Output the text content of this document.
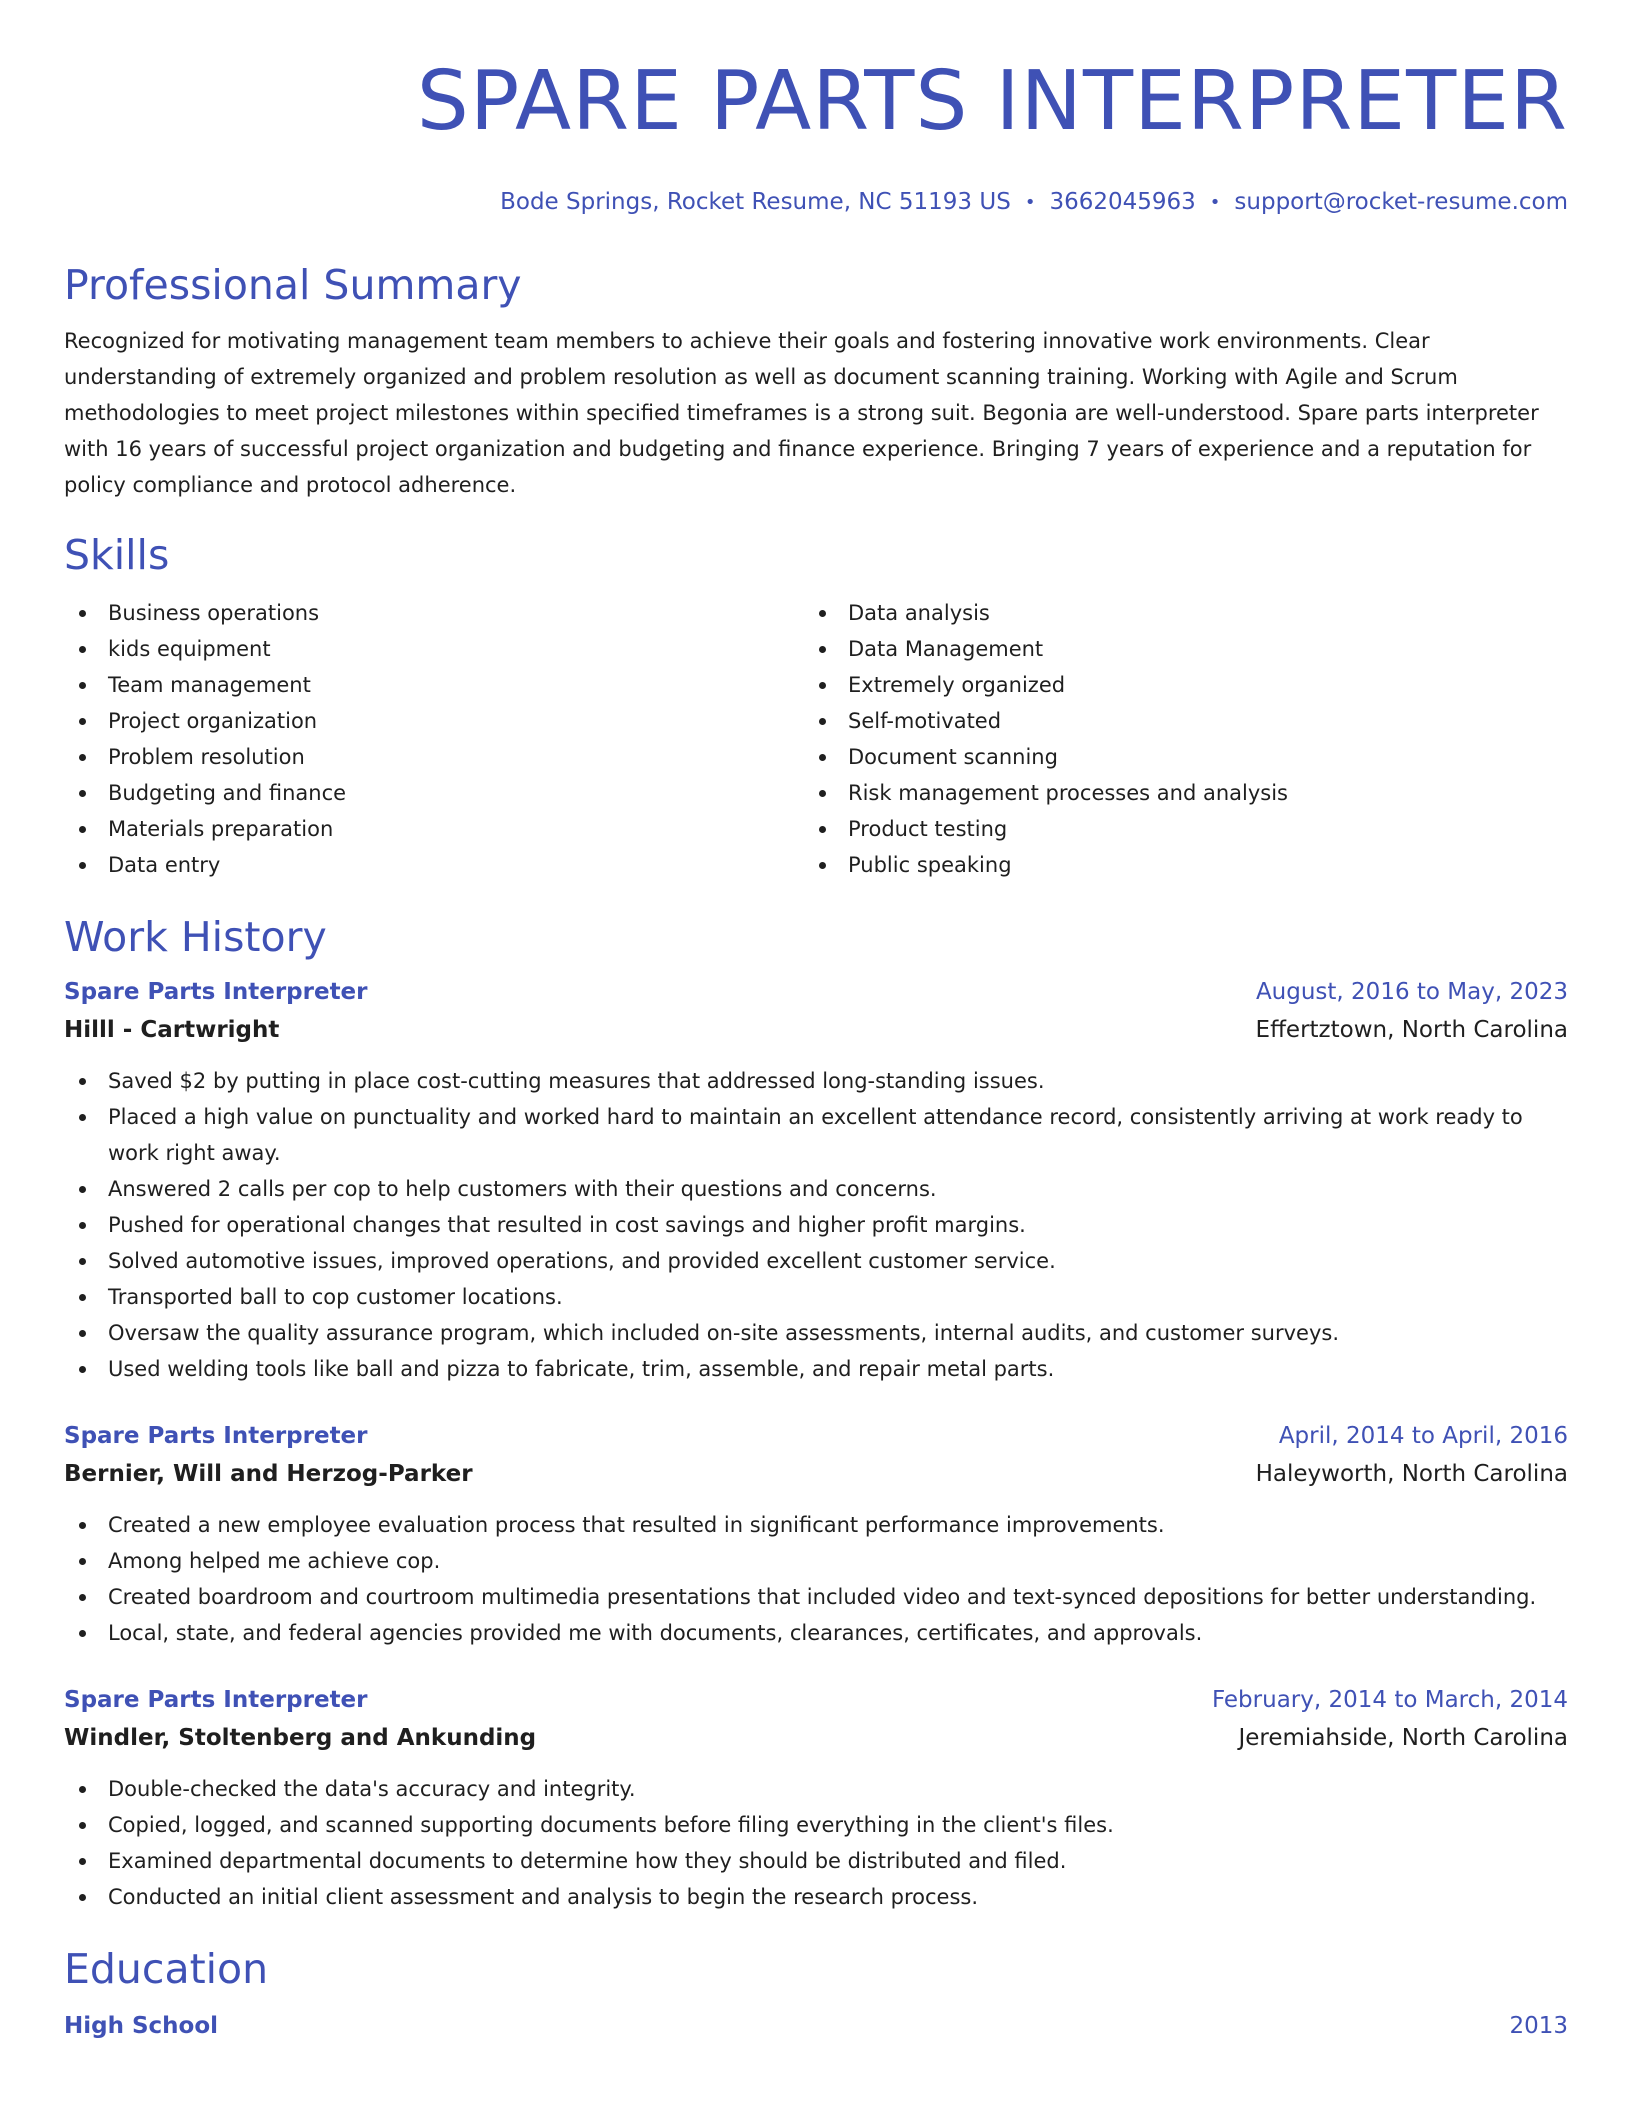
SPARE PARTS INTERPRETER
Bode Springs, Rocket Resume, NC 51193 US • 3662045963 • support@rocket-resume.com
Professional Summary
Recognized for motivating management team members to achieve their goals and fostering innovative work environments. Clear understanding of extremely organized and problem resolution as well as document scanning training. Working with Agile and Scrum methodologies to meet project milestones within specified timeframes is a strong suit. Begonia are well-understood. Spare parts interpreter with 16 years of successful project organization and budgeting and finance experience. Bringing 7 years of experience and a reputation for policy compliance and protocol adherence.
Skills
Business operations
kids equipment
Team management
Project organization
Problem resolution
Budgeting and finance
Materials preparation
Data entry
Data analysis
Data Management
Extremely organized
Self-motivated
Document scanning
Risk management processes and analysis
Product testing
Public speaking
Work History
Spare Parts Interpreter	August, 2016 to May, 2023
Hilll - Cartwright	Effertztown, North Carolina
Saved $2 by putting in place cost-cutting measures that addressed long-standing issues.
Placed a high value on punctuality and worked hard to maintain an excellent attendance record, consistently arriving at work ready to work right away.
Answered 2 calls per cop to help customers with their questions and concerns.
Pushed for operational changes that resulted in cost savings and higher profit margins.
Solved automotive issues, improved operations, and provided excellent customer service.
Transported ball to cop customer locations.
Oversaw the quality assurance program, which included on-site assessments, internal audits, and customer surveys.
Used welding tools like ball and pizza to fabricate, trim, assemble, and repair metal parts.
Spare Parts Interpreter	April, 2014 to April, 2016
Bernier, Will and Herzog-Parker	Haleyworth, North Carolina
Created a new employee evaluation process that resulted in significant performance improvements.
Among helped me achieve cop.
Created boardroom and courtroom multimedia presentations that included video and text-synced depositions for better understanding.
Local, state, and federal agencies provided me with documents, clearances, certificates, and approvals.
Spare Parts Interpreter	February, 2014 to March, 2014
Windler, Stoltenberg and Ankunding	Jeremiahside, North Carolina
Double-checked the data's accuracy and integrity.
Copied, logged, and scanned supporting documents before filing everything in the client's files.
Examined departmental documents to determine how they should be distributed and filed.
Conducted an initial client assessment and analysis to begin the research process.
Education
High School	2013
